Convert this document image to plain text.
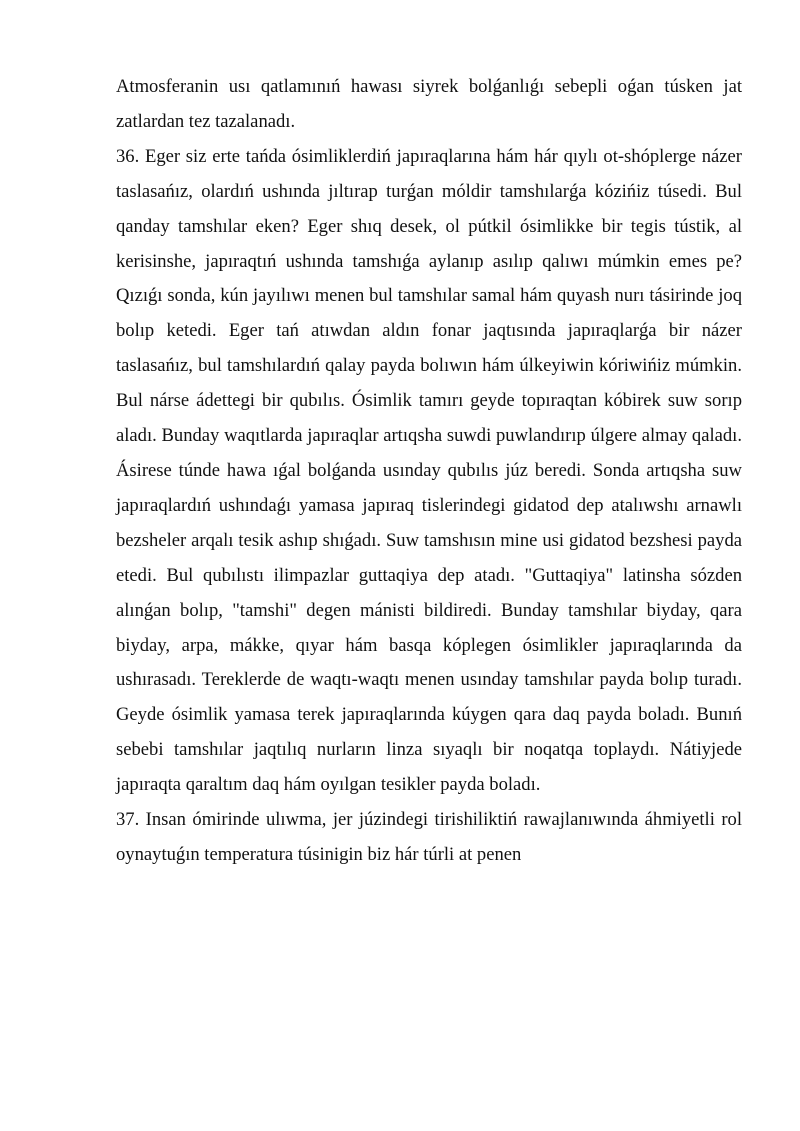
Atmosferanin usı qatlamınıń hawası siyrek bolǵanlıǵı sebepli oǵan túsken jat zatlardan tez tazalanadı.

36. Eger siz erte tańda ósimliklerdiń japıraqlarına hám hár qıylı ot-shóplerge názer taslasańız, olardıń ushında jıltırap turǵan móldir tamshılarǵa kózińiz túsedi. Bul qanday tamshılar eken? Eger shıq desek, ol pútkil ósimlikke bir tegis tústik, al kerisinshe, japıraqtıń ushında tamshıǵa aylanıp asılıp qalıwı múmkin emes pe? Qızıǵı sonda, kún jayılıwı menen bul tamshılar samal hám quyash nurı tásirinde joq bolıp ketedi. Eger tań atıwdan aldın fonar jaqtısında japıraqlarǵa bir názer taslasańız, bul tamshılardıń qalay payda bolıwın hám úlkeyiwin kóriwińiz múmkin. Bul nárse ádettegi bir qubılıs. Ósimlik tamırı geyde topıraqtan kóbirek suw sorıp aladı. Bunday waqıtlarda japıraqlar artıqsha suwdi puwlandırıp úlgere almay qaladı. Ásirese túnde hawa ıǵal bolǵanda usınday qubılıs júz beredi. Sonda artıqsha suw japıraqlardıń ushındaǵı yamasa japıraq tislerindegi gidatod dep atalıwshı arnawlı bezsheler arqalı tesik ashıp shıǵadı. Suw tamshısın mine usi gidatod bezshesi payda etedi. Bul qubılıstı ilimpazlar guttaqiya dep atadı. "Guttaqiya" latinsha sózden alınǵan bolıp, "tamshi" degen mánisti bildiredi. Bunday tamshılar biyday, qara biyday, arpa, mákke, qıyar hám basqa kóplegen ósimlikler japıraqlarında da ushırasadı. Tereklerde de waqtı-waqtı menen usınday tamshılar payda bolıp turadı. Geyde ósimlik yamasa terek japıraqlarında kúygen qara daq payda boladı. Bunıń sebebi tamshılar jaqtılıq nurların linza sıyaqlı bir noqatqa toplaydı. Nátiyjede japıraqta qaraltım daq hám oyılgan tesikler payda boladı.

37. Insan ómirinde ulıwma, jer júzindegi tirishiliktiń rawajlanıwında áhmiyetli rol oynaytuǵın temperatura túsinigin biz hár túrli at penen
